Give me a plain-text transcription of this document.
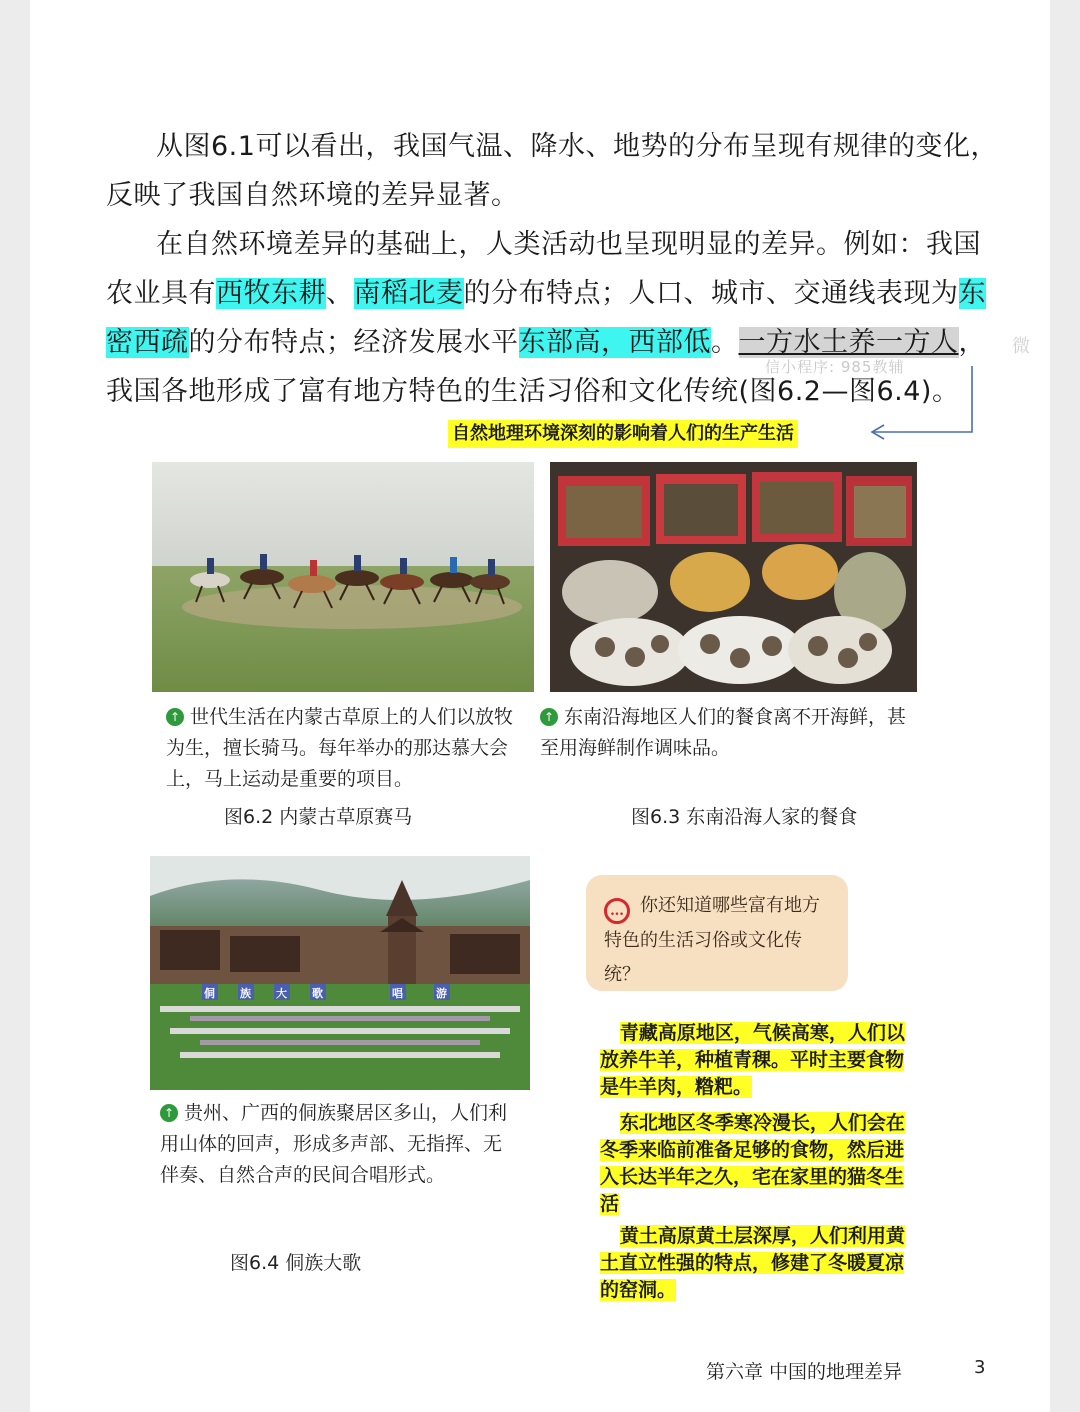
从图6.1可以看出，我国气温、降水、地势的分布呈现有规律的变化，反映了我国自然环境的差异显著。
在自然环境差异的基础上，人类活动也呈现明显的差异。例如：我国农业具有西牧东耕、南稻北麦的分布特点；人口、城市、交通线表现为东密西疏的分布特点；经济发展水平东部高，西部低。一方水土养一方人，我国各地形成了富有地方特色的生活习俗和文化传统(图6.2—图6.4)。
信小程序: 985教辅
微
自然地理环境深刻的影响着人们的生产生活
↑ 世代生活在内蒙古草原上的人们以放牧为生，擅长骑马。每年举办的那达慕大会上，马上运动是重要的项目。
↑ 东南沿海地区人们的餐食离不开海鲜，甚至用海鲜制作调味品。
图6.2 内蒙古草原赛马	图6.3 东南沿海人家的餐食
侗 族 大 歌	唱	游
↑ 贵州、广西的侗族聚居区多山，人们利用山体的回声，形成多声部、无指挥、无伴奏、自然合声的民间合唱形式。
图6.4 侗族大歌
… 你还知道哪些富有地方特色的生活习俗或文化传统？
青藏高原地区，气候高寒，人们以放养牛羊，种植青稞。平时主要食物是牛羊肉，糌粑。
东北地区冬季寒冷漫长，人们会在冬季来临前准备足够的食物，然后进入长达半年之久，宅在家里的猫冬生活
黄土高原黄土层深厚，人们利用黄土直立性强的特点，修建了冬暖夏凉的窑洞。
第六章 中国的地理差异	3
